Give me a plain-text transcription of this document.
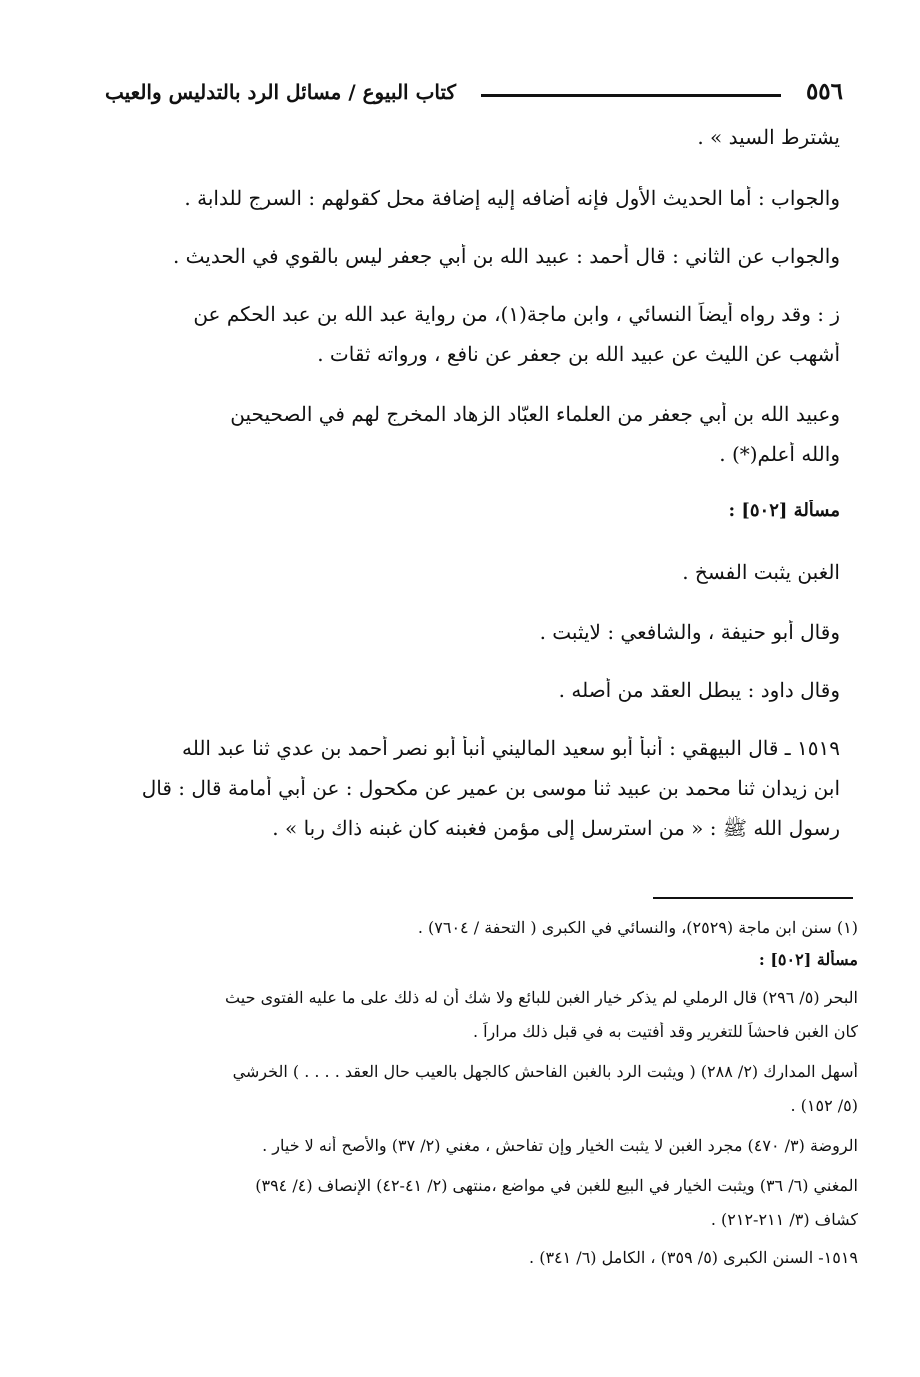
٥٥٦
كتاب البيوع / مسائل الرد بالتدليس والعيب
يشترط السيد » .
والجواب : أما الحديث الأول فإنه أضافه إليه إضافة محل كقولهم : السرج للدابة .
والجواب عن الثاني : قال أحمد : عبيد الله بن أبي جعفر ليس بالقوي في الحديث .
ز : وقد رواه أيضاً النسائي ، وابن ماجة(١)، من رواية عبد الله بن عبد الحكم عن
أشهب عن الليث عن عبيد الله بن جعفر عن نافع ، ورواته ثقات .
وعبيد الله بن أبي جعفر من العلماء العبّاد الزهاد المخرج لهم في الصحيحين
والله أعلم(*) .
مسألة [٥٠٢] :
الغبن يثبت الفسخ .
وقال أبو حنيفة ، والشافعي : لايثبت .
وقال داود : يبطل العقد من أصله .
١٥١٩ ـ قال البيهقي : أنبأ أبو سعيد الماليني أنبأ أبو نصر أحمد بن عدي ثنا عبد الله
ابن زيدان ثنا محمد بن عبيد ثنا موسى بن عمير عن مكحول : عن أبي أمامة قال : قال
رسول الله ﷺ : « من استرسل إلى مؤمن فغبنه كان غبنه ذاك ربا » .
(١) سنن ابن ماجة (٢٥٢٩)، والنسائي في الكبرى ( التحفة / ٧٦٠٤) .
مسألة [٥٠٢] :
البحر (٥/ ٢٩٦) قال الرملي لم يذكر خيار الغبن للبائع ولا شك أن له ذلك على ما عليه الفتوى حيث
كان الغبن فاحشاً للتغرير وقد أفتيت به في قبل ذلك مراراً .
أسهل المدارك (٢/ ٢٨٨) ( ويثبت الرد بالغبن الفاحش كالجهل بالعيب حال العقد . . . . ) الخرشي
(٥/ ١٥٢) .
الروضة (٣/ ٤٧٠) مجرد الغبن لا يثبت الخيار وإن تفاحش ، مغني (٢/ ٣٧) والأصح أنه لا خيار .
المغني (٦/ ٣٦) ويثبت الخيار في البيع للغبن في مواضع ،منتهى (٢/ ٤١-٤٢) الإنصاف (٤/ ٣٩٤)
كشاف (٣/ ٢١١-٢١٢) .
١٥١٩- السنن الكبرى (٥/ ٣٥٩) ، الكامل (٦/ ٣٤١) .
